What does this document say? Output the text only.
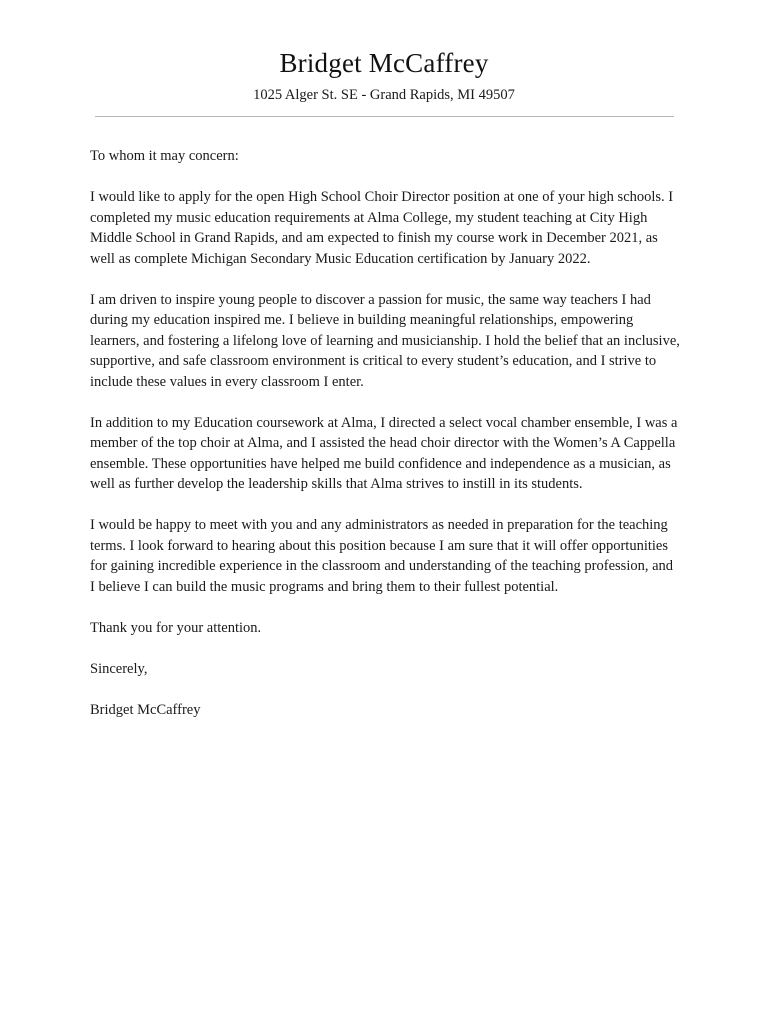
Bridget McCaffrey
1025 Alger St. SE - Grand Rapids, MI 49507

To whom it may concern:

I would like to apply for the open High School Choir Director position at one of your high schools. I completed my music education requirements at Alma College, my student teaching at City High Middle School in Grand Rapids, and am expected to finish my course work in December 2021, as well as complete Michigan Secondary Music Education certification by January 2022.

I am driven to inspire young people to discover a passion for music, the same way teachers I had during my education inspired me. I believe in building meaningful relationships, empowering learners, and fostering a lifelong love of learning and musicianship. I hold the belief that an inclusive, supportive, and safe classroom environment is critical to every student’s education, and I strive to include these values in every classroom I enter.

In addition to my Education coursework at Alma, I directed a select vocal chamber ensemble, I was a member of the top choir at Alma, and I assisted the head choir director with the Women’s A Cappella ensemble. These opportunities have helped me build confidence and independence as a musician, as well as further develop the leadership skills that Alma strives to instill in its students.

I would be happy to meet with you and any administrators as needed in preparation for the teaching terms. I look forward to hearing about this position because I am sure that it will offer opportunities for gaining incredible experience in the classroom and understanding of the teaching profession, and I believe I can build the music programs and bring them to their fullest potential.

Thank you for your attention.

Sincerely,

Bridget McCaffrey
